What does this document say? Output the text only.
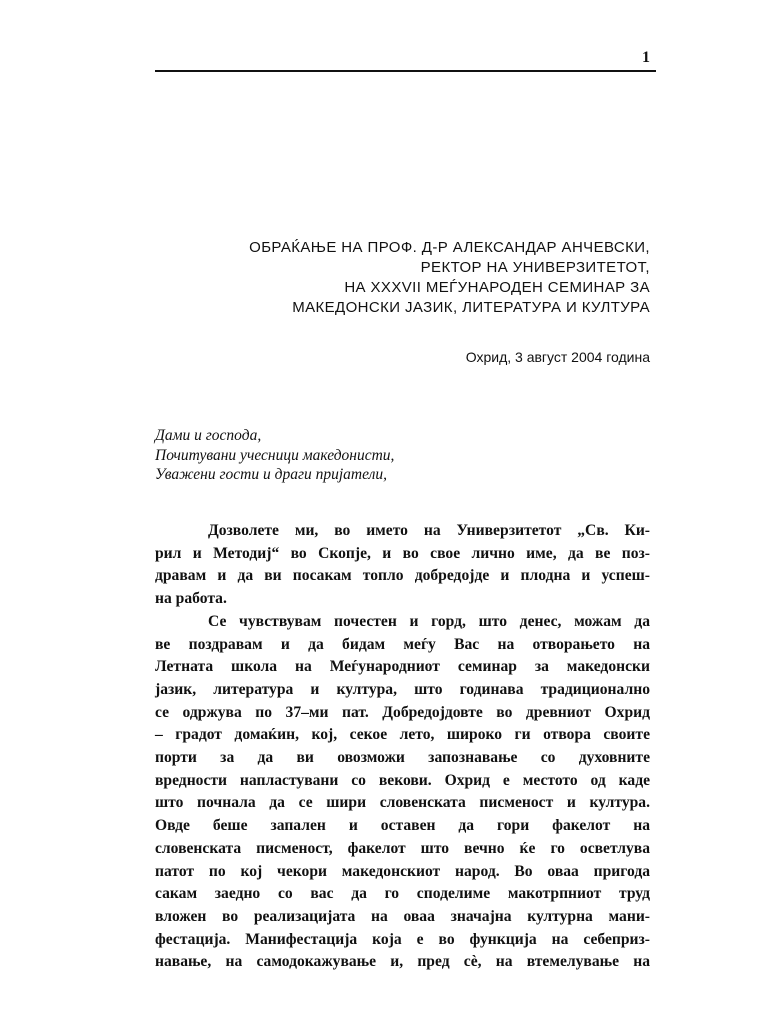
1
ОБРАЌАЊЕ НА ПРОФ. Д-Р АЛЕКСАНДАР АНЧЕВСКИ,
РЕКТОР НА УНИВЕРЗИТЕТОТ,
НА XXXVII МЕЃУНАРОДЕН СЕМИНАР ЗА
МАКЕДОНСКИ ЈАЗИК, ЛИТЕРАТУРА И КУЛТУРА
Охрид, 3 август 2004 година
Дами и господа,
Почитувани учесници македонисти,
Уважени гости и драги пријатели,
Дозволете ми, во името на Универзитетот „Св. Ки-
рил и Методиј“ во Скопје, и во свое лично име, да ве поз-
дравам и да ви посакам топло добредојде и плодна и успеш-
на работа.
Се чувствувам почестен и горд, што денес, можам да
ве поздравам и да бидам меѓу Вас на отворањето на
Летната школа на Меѓународниот семинар за македонски
јазик, литература и култура, што годинава традиционално
се одржува по 37–ми пат. Добредојдовте во древниот Охрид
– градот домаќин, кој, секое лето, широко ги отвора своите
порти за да ви овозможи запознавање со духовните
вредности напластувани со векови. Охрид е местото од каде
што почнала да се шири словенската писменост и култура.
Овде беше запален и оставен да гори факелот на
словенската писменост, факелот што вечно ќе го осветлува
патот по кој чекори македонскиот народ. Во оваа пригода
сакам заедно со вас да го споделиме макотрпниот труд
вложен во реализацијата на оваа значајна културна мани-
фестација. Манифестација која е во функција на себеприз-
навање, на самодокажување и, пред сè, на втемелување на
